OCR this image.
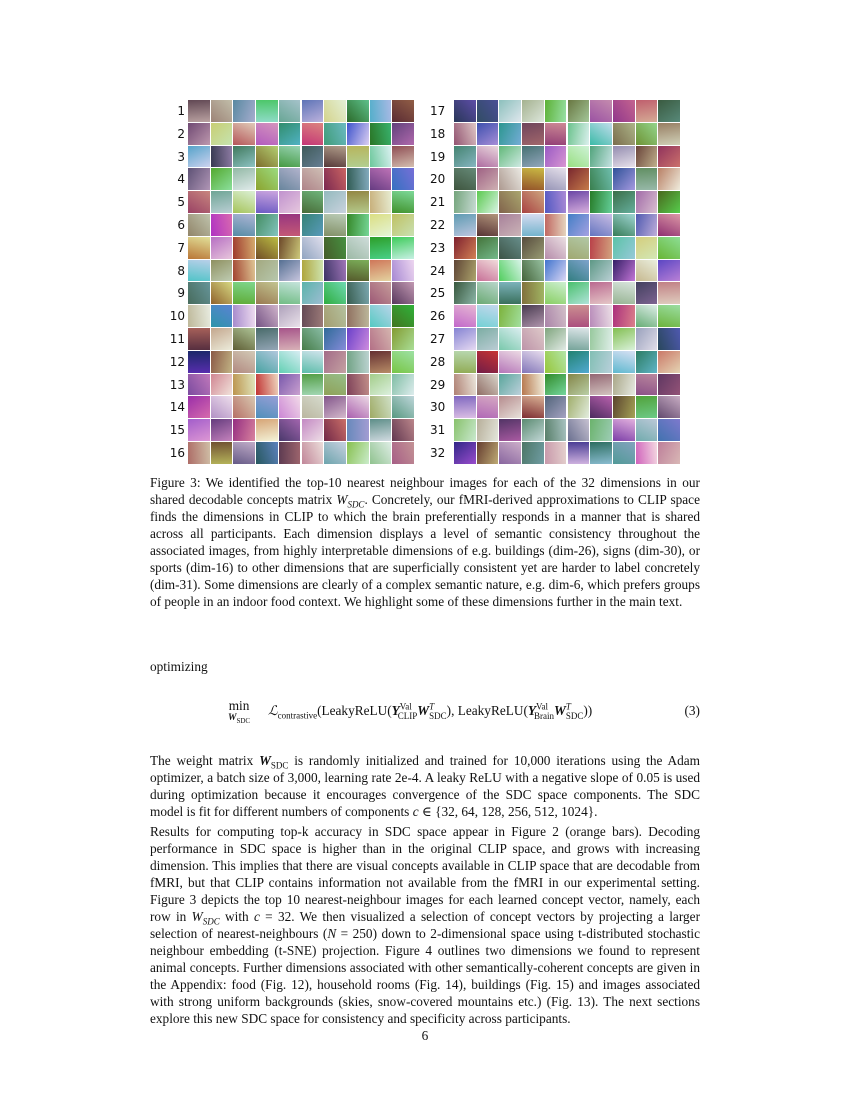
1
2
3
4
5
6
7
8
9
10
11
12
13
14
15
16
17
18
19
20
21
22
23
24
25
26
27
28
29
30
31
32

Figure 3: We identified the top-10 nearest neighbour images for each of the 32 dimensions in our shared decodable concepts matrix $W_{SDC}$. Concretely, our fMRI-derived approximations to CLIP space finds the dimensions in CLIP to which the brain preferentially responds in a manner that is shared across all participants. Each dimension displays a level of semantic consistency throughout the associated images, from highly interpretable dimensions of e.g. buildings (dim-26), signs (dim-30), or sports (dim-16) to other dimensions that are superficially consistent yet are harder to label concretely (dim-31). Some dimensions are clearly of a complex semantic nature, e.g. dim-6, which prefers groups of people in an indoor food context. We highlight some of these dimensions further in the main text.

optimizing
min
$W_{SDC}$
$ℒ_{contrastive}(LeakyReLU(Y^{Val}_{CLIP}W^T_{SDC})$, $LeakyReLU(Y^{Val}_{Brain}W^T_{SDC})$)	(3)

The weight matrix $W_{SDC}$ is randomly initialized and trained for 10,000 iterations using the Adam optimizer, a batch size of 3,000, learning rate 2e-4. A leaky ReLU with a negative slope of 0.05 is used during optimization because it encourages convergence of the SDC space components. The SDC model is fit for different numbers of components c ∈ {32, 64, 128, 256, 512, 1024}.

Results for computing top-k accuracy in SDC space appear in Figure 2 (orange bars). Decoding performance in SDC space is higher than in the original CLIP space, and grows with increasing dimension. This implies that there are visual concepts available in CLIP space that are decodable from fMRI, but that CLIP contains information not available from the fMRI in our experimental setting. Figure 3 depicts the top 10 nearest-neighbour images for each learned concept vector, namely, each row in $W_{SDC}$ with c = 32. We then visualized a selection of concept vectors by projecting a larger selection of nearest-neighbours (N = 250) down to 2-dimensional space using t-distributed stochastic neighbour embedding (t-SNE) projection. Figure 4 outlines two dimensions we found to represent animal concepts. Further dimensions associated with other semantically-coherent concepts are given in the Appendix: food (Fig. 12), household rooms (Fig. 14), buildings (Fig. 15) and images associated with strong uniform backgrounds (skies, snow-covered mountains etc.) (Fig. 13). The next sections explore this new SDC space for consistency and specificity across participants.

6
